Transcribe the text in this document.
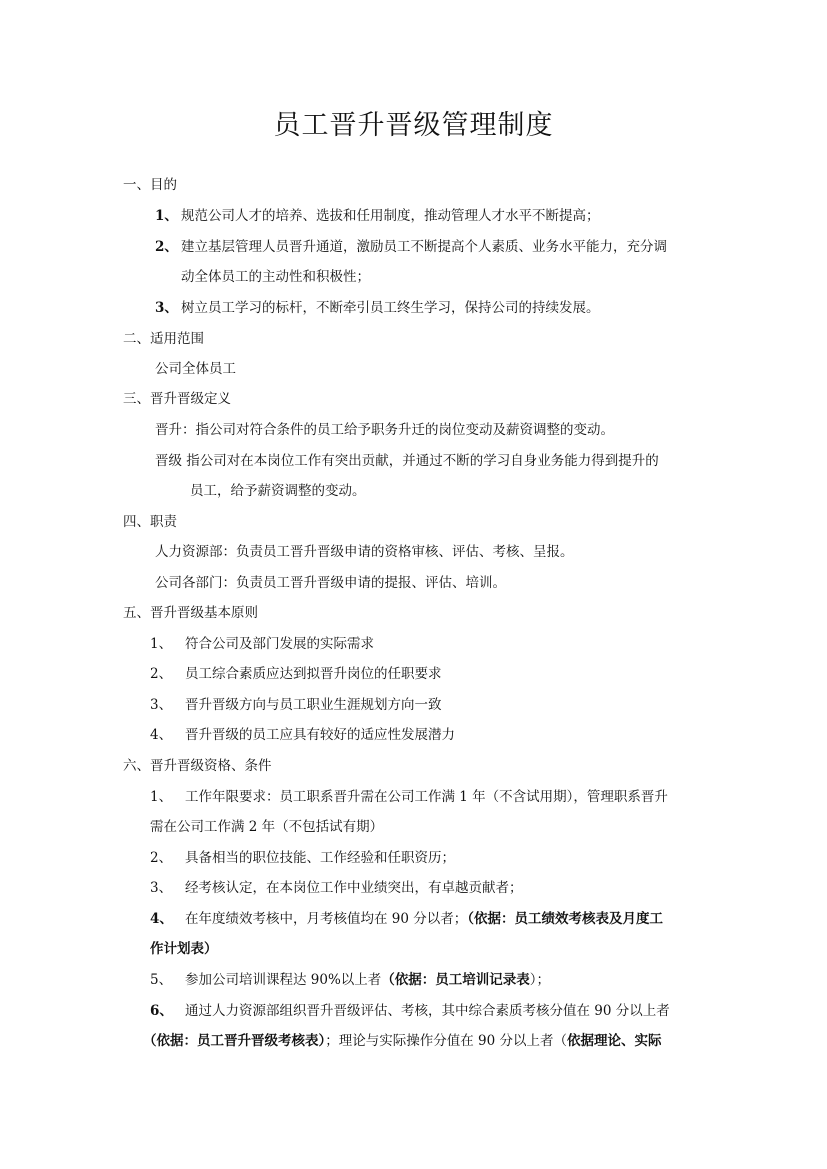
员工晋升晋级管理制度
一、目的
1、 规范公司人才的培养、选拔和任用制度，推动管理人才水平不断提高；
2、 建立基层管理人员晋升通道，激励员工不断提高个人素质、业务水平能力，充分调
动全体员工的主动性和积极性；
3、 树立员工学习的标杆，不断牵引员工终生学习，保持公司的持续发展。
二、适用范围
公司全体员工
三、晋升晋级定义
晋升：指公司对符合条件的员工给予职务升迁的岗位变动及薪资调整的变动。
晋级 指公司对在本岗位工作有突出贡献，并通过不断的学习自身业务能力得到提升的
员工，给予薪资调整的变动。
四、职责
人力资源部：负责员工晋升晋级申请的资格审核、评估、考核、呈报。
公司各部门：负责员工晋升晋级申请的提报、评估、培训。
五、晋升晋级基本原则
1、 符合公司及部门发展的实际需求
2、 员工综合素质应达到拟晋升岗位的任职要求
3、 晋升晋级方向与员工职业生涯规划方向一致
4、 晋升晋级的员工应具有较好的适应性发展潜力
六、晋升晋级资格、条件
1、 工作年限要求：员工职系晋升需在公司工作满 1 年（不含试用期），管理职系晋升
需在公司工作满 2 年（不包括试有期）
2、 具备相当的职位技能、工作经验和任职资历；
3、 经考核认定，在本岗位工作中业绩突出，有卓越贡献者；
4、 在年度绩效考核中，月考核值均在 90 分以者；（依据：员工绩效考核表及月度工
作计划表）
5、 参加公司培训课程达 90%以上者（依据：员工培训记录表）；
6、 通过人力资源部组织晋升晋级评估、考核，其中综合素质考核分值在 90 分以上者
（依据：员工晋升晋级考核表）；理论与实际操作分值在 90 分以上者（依据理论、实际
